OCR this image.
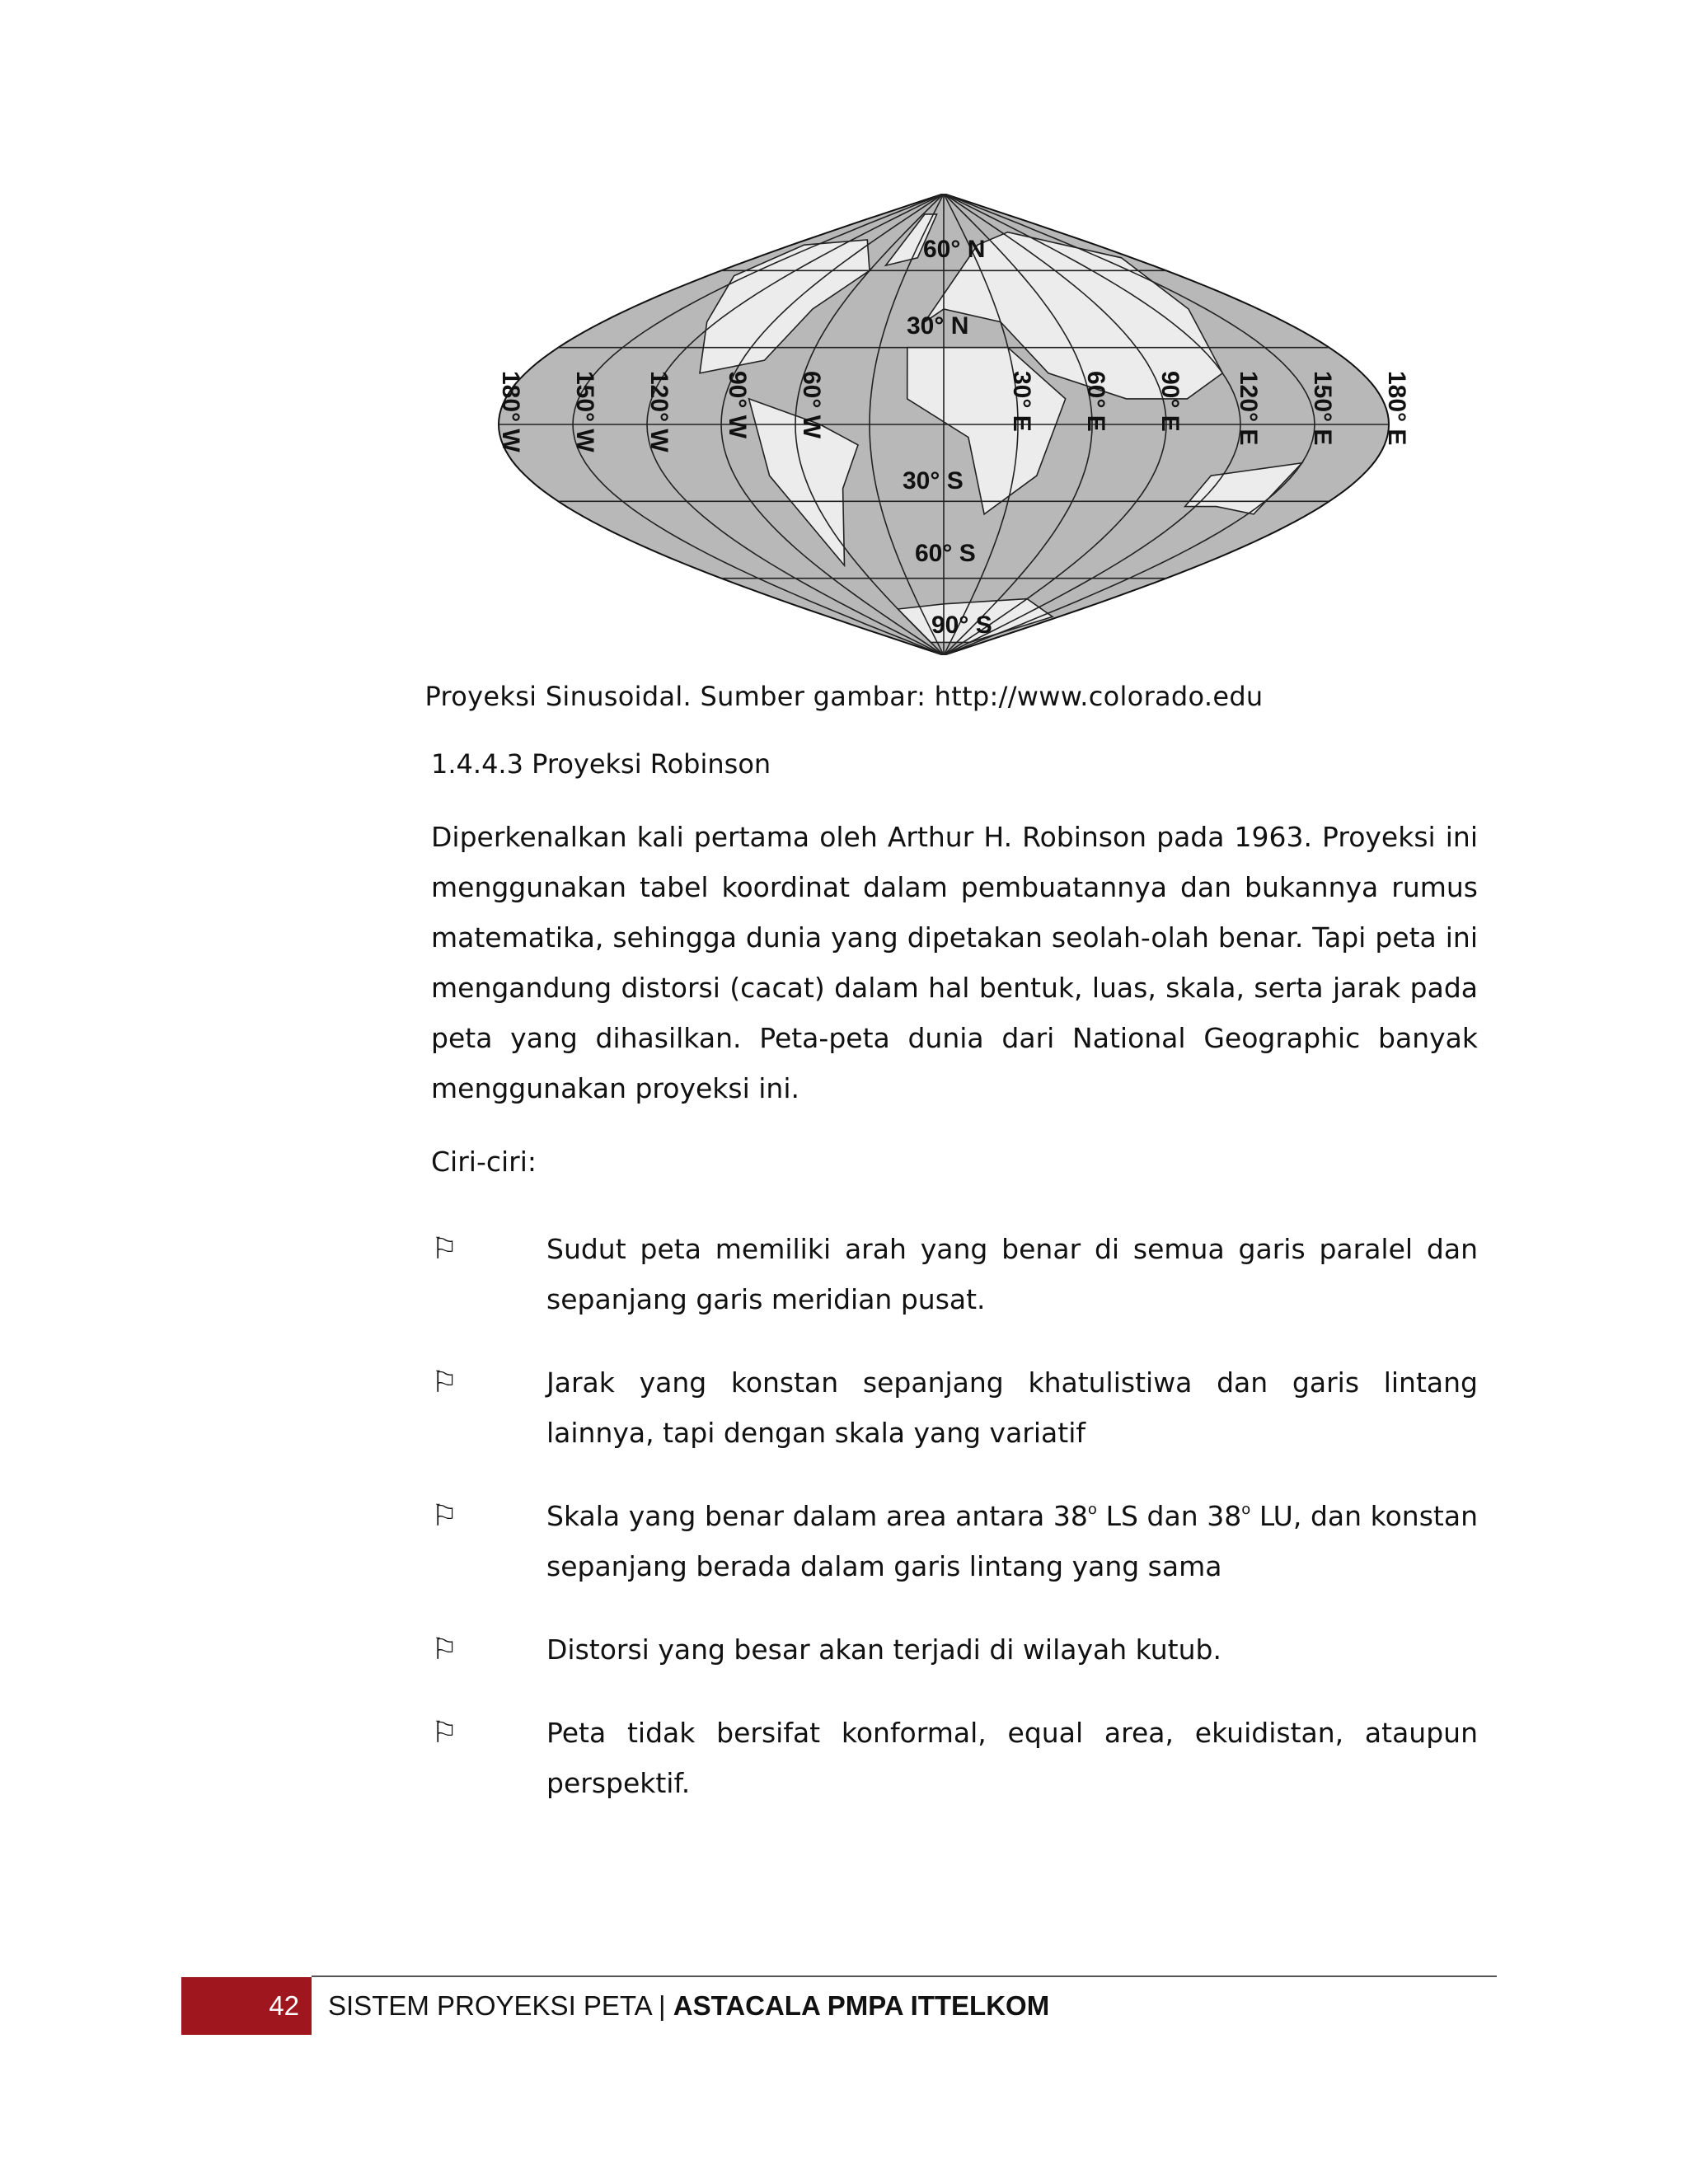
60° N
30° N
30° S
60° S
90° S
180° W 150° W 120° W 90° W 60° W	30° E 60° E 90° E 120° E 150° E 180° E
Proyeksi Sinusoidal. Sumber gambar: http://www.colorado.edu
1.4.4.3 Proyeksi Robinson
Diperkenalkan kali pertama oleh Arthur H. Robinson pada 1963. Proyeksi ini menggunakan tabel koordinat dalam pembuatannya dan bukannya rumus matematika, sehingga dunia yang dipetakan seolah-olah benar. Tapi peta ini mengandung distorsi (cacat) dalam hal bentuk, luas, skala, serta jarak pada peta yang dihasilkan. Peta-peta dunia dari National Geographic banyak menggunakan proyeksi ini.
Ciri-ciri:
⚐	Sudut peta memiliki arah yang benar di semua garis paralel dan sepanjang garis meridian pusat.
⚐	Jarak yang konstan sepanjang khatulistiwa dan garis lintang lainnya, tapi dengan skala yang variatif
⚐	Skala yang benar dalam area antara 38$^o$ LS dan 38$^o$ LU, dan konstan sepanjang berada dalam garis lintang yang sama
⚐	Distorsi yang besar akan terjadi di wilayah kutub.
⚐	Peta tidak bersifat konformal, equal area, ekuidistan, ataupun perspektif.
42 SISTEM PROYEKSI PETA | ASTACALA PMPA ITTELKOM
